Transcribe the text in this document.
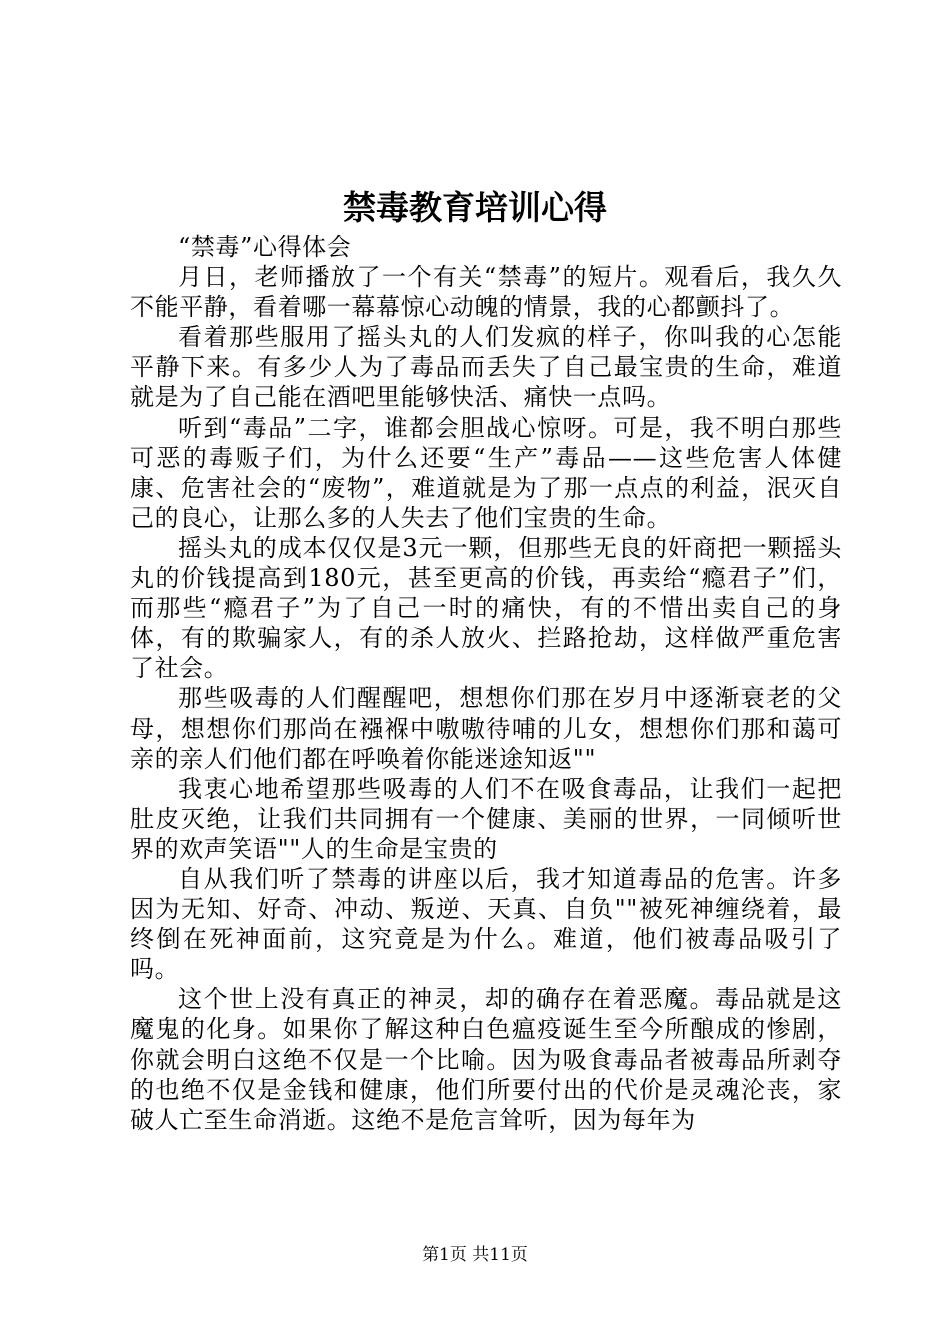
禁毒教育培训心得

“禁毒”心得体会

月日，老师播放了一个有关“禁毒”的短片。观看后，我久久不能平静，看着哪一幕幕惊心动魄的情景，我的心都颤抖了。

看着那些服用了摇头丸的人们发疯的样子，你叫我的心怎能平静下来。有多少人为了毒品而丢失了自己最宝贵的生命，难道就是为了自己能在酒吧里能够快活、痛快一点吗。

听到“毒品”二字，谁都会胆战心惊呀。可是，我不明白那些可恶的毒贩子们，为什么还要“生产”毒品——这些危害人体健康、危害社会的“废物”，难道就是为了那一点点的利益，泯灭自己的良心，让那么多的人失去了他们宝贵的生命。

摇头丸的成本仅仅是3元一颗，但那些无良的奸商把一颗摇头丸的价钱提高到180元，甚至更高的价钱，再卖给“瘾君子”们，而那些“瘾君子”为了自己一时的痛快，有的不惜出卖自己的身体，有的欺骗家人，有的杀人放火、拦路抢劫，这样做严重危害了社会。

那些吸毒的人们醒醒吧，想想你们那在岁月中逐渐衰老的父母，想想你们那尚在襁褓中嗷嗷待哺的儿女，想想你们那和蔼可亲的亲人们他们都在呼唤着你能迷途知返""

我衷心地希望那些吸毒的人们不在吸食毒品，让我们一起把肚皮灭绝，让我们共同拥有一个健康、美丽的世界，一同倾听世界的欢声笑语""人的生命是宝贵的

自从我们听了禁毒的讲座以后，我才知道毒品的危害。许多因为无知、好奇、冲动、叛逆、天真、自负""被死神缠绕着，最终倒在死神面前，这究竟是为什么。难道，他们被毒品吸引了吗。

这个世上没有真正的神灵，却的确存在着恶魔。毒品就是这魔鬼的化身。如果你了解这种白色瘟疫诞生至今所酿成的惨剧，你就会明白这绝不仅是一个比喻。因为吸食毒品者被毒品所剥夺的也绝不仅是金钱和健康，他们所要付出的代价是灵魂沦丧，家破人亡至生命消逝。这绝不是危言耸听，因为每年为

第1页 共11页
